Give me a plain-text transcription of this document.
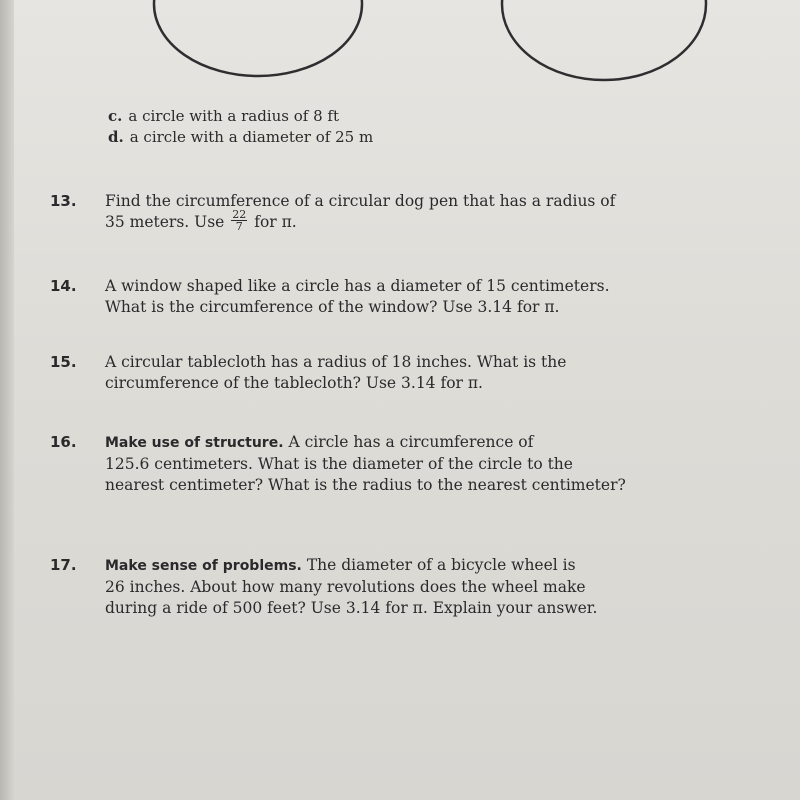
c. a circle with a radius of 8 ft
d. a circle with a diameter of 25 m
13. Find the circumference of a circular dog pen that has a radius of
35 meters. Use $\frac{22}{7}$ for π.
14. A window shaped like a circle has a diameter of 15 centimeters.
What is the circumference of the window? Use 3.14 for π.
15. A circular tablecloth has a radius of 18 inches. What is the
circumference of the tablecloth? Use 3.14 for π.
16. Make use of structure. A circle has a circumference of
125.6 centimeters. What is the diameter of the circle to the
nearest centimeter? What is the radius to the nearest centimeter?
17. Make sense of problems. The diameter of a bicycle wheel is
26 inches. About how many revolutions does the wheel make
during a ride of 500 feet? Use 3.14 for π. Explain your answer.
